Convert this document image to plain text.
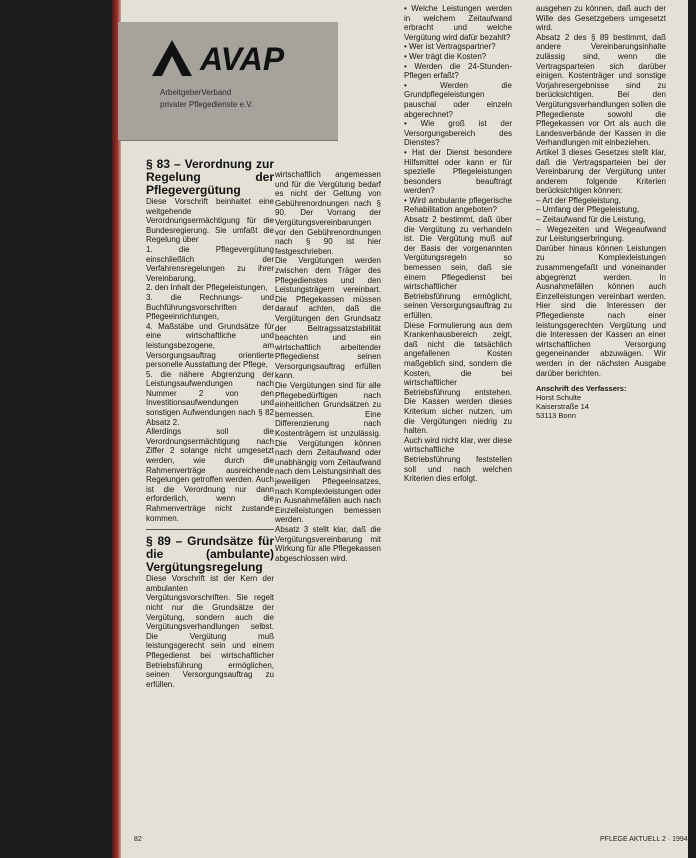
AVAP
ArbeitgeberVerband
privater Pflegedienste e.V.

§ 83 – Verordnung zur Regelung der Pflegevergütung

Diese Vorschrift beinhaltet eine weitgehende Verordnungsermächtigung für die Bundesregierung. Sie umfaßt die Regelung über

1. die Pflegevergütung einschließlich der Verfahrensregelungen zu ihrer Vereinbarung,

2. den Inhalt der Pflegeleistungen,

3. die Rechnungs- und Buchführungsvorschriften der Pflegeeinrichtungen,

4. Maßstäbe und Grundsätze für eine wirtschaftliche und leistungsbezogene, am Versorgungsauftrag orientierte personelle Ausstattung der Pflege,

5. die nähere Abgrenzung der Leistungsaufwendungen nach Nummer 2 von den Investitionsaufwendungen und sonstigen Aufwendungen nach § 82 Absatz 2.

Allerdings soll die Verordnungsermächtigung nach Ziffer 2 solange nicht umgesetzt werden, wie durch die Rahmenverträge ausreichende Regelungen getroffen werden. Auch ist die Verordnung nur dann erforderlich, wenn die Rahmenverträge nicht zustande kommen.

§ 89 – Grundsätze für die (ambulante) Vergütungsregelung

Diese Vorschrift ist der Kern der ambulanten Vergütungsvorschriften. Sie regelt nicht nur die Grundsätze der Vergütung, sondern auch die Vergütungsverhandlungen selbst. Die Vergütung muß leistungsgerecht sein und einem Pflegedienst bei wirtschaftlicher Betriebsführung ermöglichen, seinen Versorgungsauftrag zu erfüllen.

wirtschaftlich angemessen und für die Vergütung bedarf es nicht der Geltung von Gebührenordnungen nach § 90. Der Vorrang der Vergütungsvereinbarungen vor den Gebührenordnungen nach § 90 ist hier festgeschrieben.

Die Vergütungen werden zwischen dem Träger des Pflegedienstes und den Leistungsträgern vereinbart. Die Pflegekassen müssen darauf achten, daß die Vergütungen den Grundsatz der Beitragssatzstabilität beachten und ein wirtschaftlich arbeitender Pflegedienst seinen Versorgungsauftrag erfüllen kann.

Die Vergütungen sind für alle Pflegebedürftigen nach einheitlichen Grundsätzen zu bemessen. Eine Differenzierung nach Kostenträgern ist unzulässig. Die Vergütungen können nach dem Zeitaufwand oder unabhängig vom Zeitaufwand nach dem Leistungsinhalt des jeweiligen Pflegeeinsatzes, nach Komplexleistungen oder in Ausnahmefällen auch nach Einzelleistungen bemessen werden.

Absatz 3 stellt klar, daß die Vergütungsvereinbarung mit Wirkung für alle Pflegekassen abgeschlossen wird.

• Welche Leistungen werden in welchem Zeitaufwand erbracht und welche Vergütung wird dafür bezahlt?

• Wer ist Vertragspartner?

• Wer trägt die Kosten?

• Werden die 24-Stunden-Pflegen erfaßt?

• Werden die Grundpflegeleistungen pauschal oder einzeln abgerechnet?

• Wie groß ist der Versorgungsbereich des Dienstes?

• Hat der Dienst besondere Hilfsmittel oder kann er für spezielle Pflegeleistungen besonders beauftragt werden?

• Wird ambulante pflegerische Rehabilitation angeboten?

Absatz 2 bestimmt, daß über die Vergütung zu verhandeln ist. Die Vergütung muß auf der Basis der vorgenannten Vergütungsregeln so bemessen sein, daß sie einem Pflegedienst bei wirtschaftlicher Betriebsführung ermöglicht, seinen Versorgungsauftrag zu erfüllen.

Diese Formulierung aus dem Krankenhausbereich zeigt, daß nicht die tatsächlich angefallenen Kosten maßgeblich sind, sondern die Kosten, die bei wirtschaftlicher Betriebsführung entstehen. Die Kassen werden dieses Kriterium sicher nutzen, um die Vergütungen niedrig zu halten.

Auch wird nicht klar, wer diese wirtschaftliche Betriebsführung feststellen soll und nach welchen Kriterien dies erfolgt.

ausgehen zu können, daß auch der Wille des Gesetzgebers umgesetzt wird.

Absatz 2 des § 89 bestimmt, daß andere Vereinbarungsinhalte zulässig sind, wenn die Vertragsparteien sich darüber einigen. Kostenträger und sonstige Vorjahresergebnisse sind zu berücksichtigen. Bei den Vergütungsverhandlungen sollen die Pflegedienste sowohl die Pflegekassen vor Ort als auch die Landesverbände der Kassen in die Verhandlungen mit einbeziehen.

Artikel 3 dieses Gesetzes stellt klar, daß die Vertragsparteien bei der Vereinbarung der Vergütung unter anderem folgende Kriterien berücksichtigen können:

– Art der Pflegeleistung,

– Umfang der Pflegeleistung,

– Zeitaufwand für die Leistung,

– Wegezeiten und Wegeaufwand zur Leistungserbringung.

Darüber hinaus können Leistungen zu Komplexleistungen zusammengefaßt und voneinander abgegrenzt werden. In Ausnahmefällen können auch Einzelleistungen vereinbart werden. Hier sind die Interessen der Pflegedienste nach einer leistungsgerechten Vergütung und die Interessen der Kassen an einer wirtschaftlichen Versorgung gegeneinander abzuwägen. Wir werden in der nächsten Ausgabe darüber berichten.

Anschrift des Verfassers:
Horst Schulte
Kaiserstraße 14
53113 Bonn
82	PFLEGE AKTUELL 2 · 1994
